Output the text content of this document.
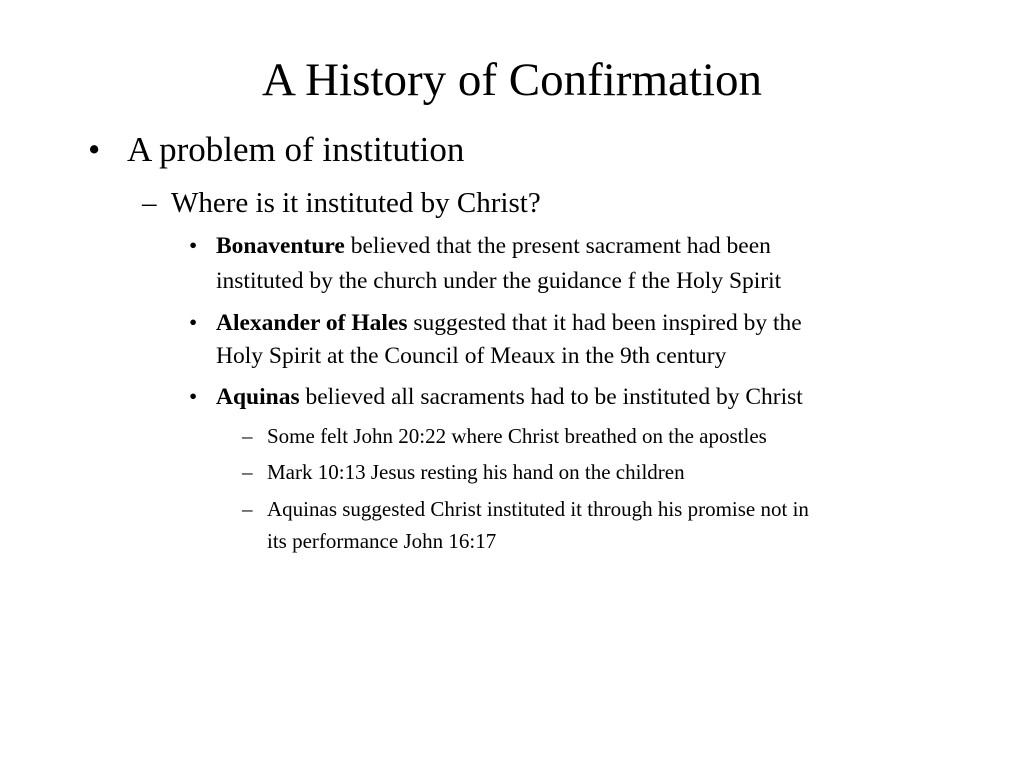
A History of Confirmation
• A problem of institution
– Where is it instituted by Christ?
• Bonaventure believed that the present sacrament had been
instituted by the church under the guidance f the Holy Spirit
• Alexander of Hales suggested that it had been inspired by the
Holy Spirit at the Council of Meaux in the 9th century
• Aquinas believed all sacraments had to be instituted by Christ
– Some felt John 20:22 where Christ breathed on the apostles
– Mark 10:13 Jesus resting his hand on the children
– Aquinas suggested Christ instituted it through his promise not in
its performance John 16:17
